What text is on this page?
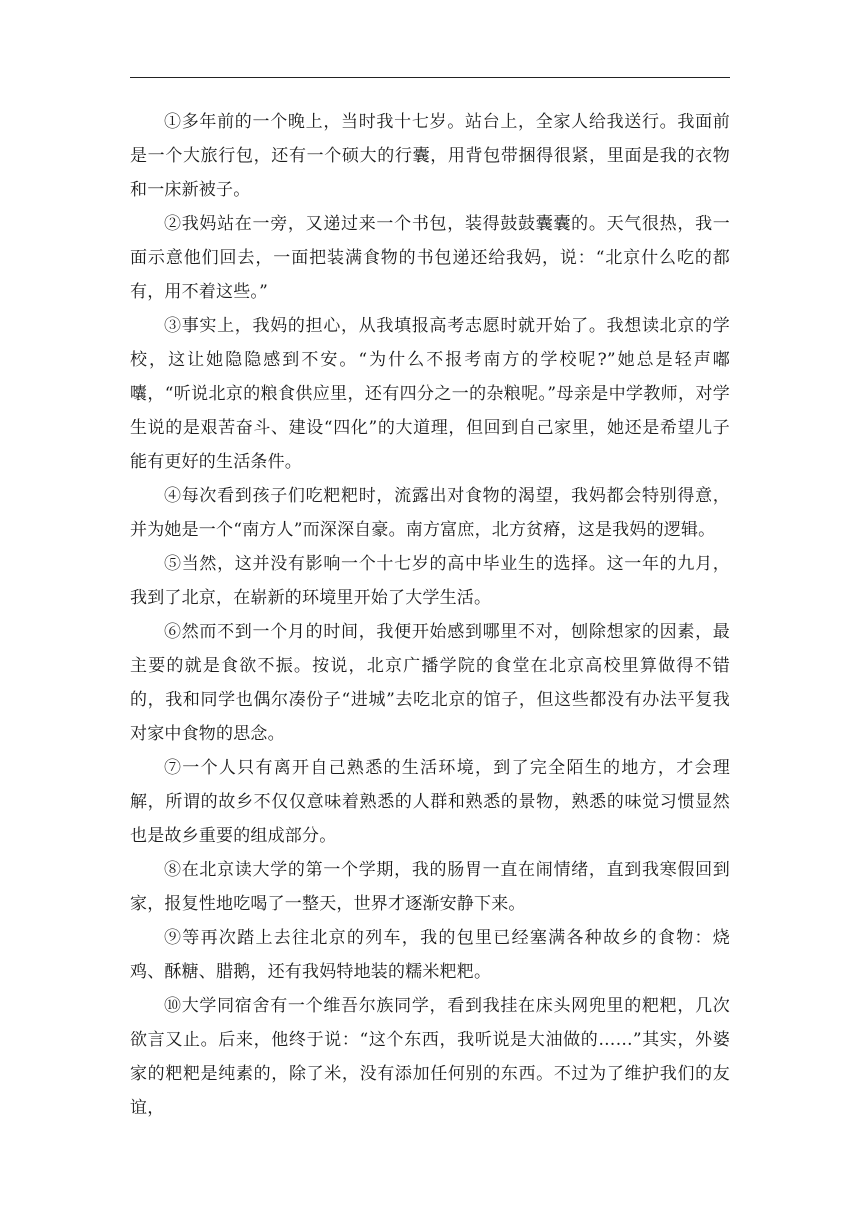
①多年前的一个晚上，当时我十七岁。站台上，全家人给我送行。我面前是一个大旅行包，还有一个硕大的行囊，用背包带捆得很紧，里面是我的衣物和一床新被子。

②我妈站在一旁，又递过来一个书包，装得鼓鼓囊囊的。天气很热，我一面示意他们回去，一面把装满食物的书包递还给我妈，说：“北京什么吃的都有，用不着这些。”

③事实上，我妈的担心，从我填报高考志愿时就开始了。我想读北京的学校，这让她隐隐感到不安。“为什么不报考南方的学校呢?”她总是轻声嘟囔，“听说北京的粮食供应里，还有四分之一的杂粮呢。”母亲是中学教师，对学生说的是艰苦奋斗、建设“四化”的大道理，但回到自己家里，她还是希望儿子能有更好的生活条件。

④每次看到孩子们吃粑粑时，流露出对食物的渴望，我妈都会特别得意，并为她是一个“南方人”而深深自豪。南方富庶，北方贫瘠，这是我妈的逻辑。

⑤当然，这并没有影响一个十七岁的高中毕业生的选择。这一年的九月，我到了北京，在崭新的环境里开始了大学生活。

⑥然而不到一个月的时间，我便开始感到哪里不对，刨除想家的因素，最主要的就是食欲不振。按说，北京广播学院的食堂在北京高校里算做得不错的，我和同学也偶尔凑份子“进城”去吃北京的馆子，但这些都没有办法平复我对家中食物的思念。

⑦一个人只有离开自己熟悉的生活环境，到了完全陌生的地方，才会理解，所谓的故乡不仅仅意味着熟悉的人群和熟悉的景物，熟悉的味觉习惯显然也是故乡重要的组成部分。

⑧在北京读大学的第一个学期，我的肠胃一直在闹情绪，直到我寒假回到家，报复性地吃喝了一整天，世界才逐渐安静下来。

⑨等再次踏上去往北京的列车，我的包里已经塞满各种故乡的食物：烧鸡、酥糖、腊鹅，还有我妈特地装的糯米粑粑。

⑩大学同宿舍有一个维吾尔族同学，看到我挂在床头网兜里的粑粑，几次欲言又止。后来，他终于说：“这个东西，我听说是大油做的……”其实，外婆家的粑粑是纯素的，除了米，没有添加任何别的东西。不过为了维护我们的友谊，
